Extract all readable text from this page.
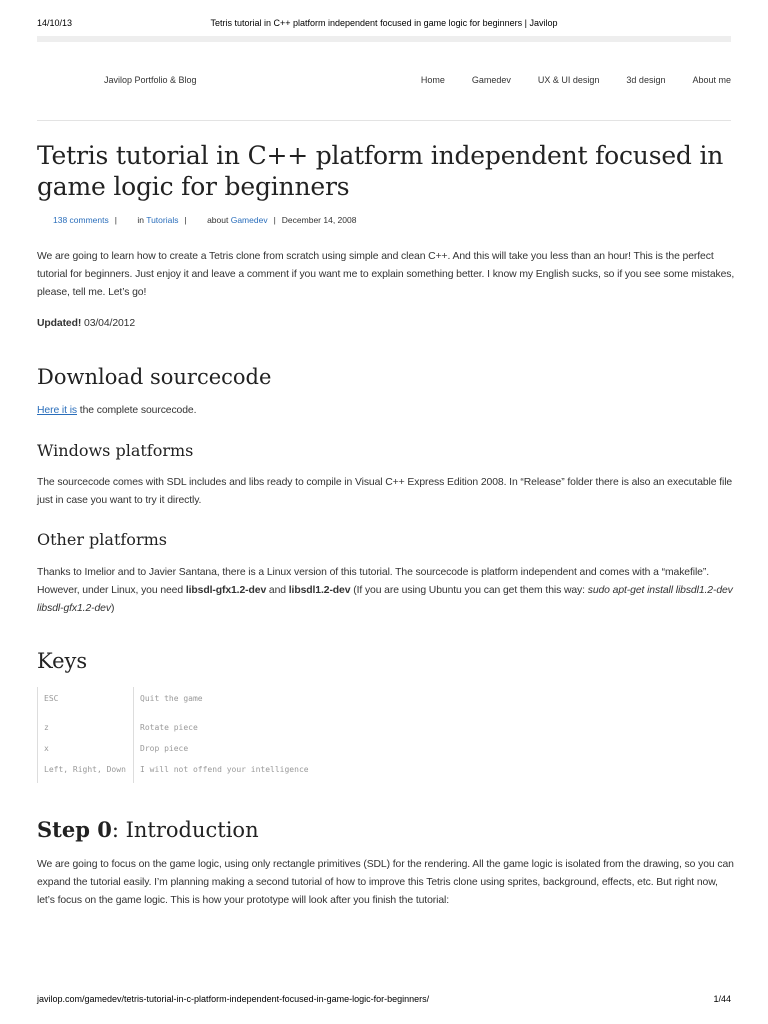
14/10/13	Tetris tutorial in C++ platform independent focused in game logic for beginners | Javilop
Javilop Portfolio & Blog	Home	Gamedev	UX & UI design	3d design	About me
Tetris tutorial in C++ platform independent focused in game logic for beginners
138 comments | in Tutorials | about Gamedev | December 14, 2008

We are going to learn how to create a Tetris clone from scratch using simple and clean C++. And this will take you less than an hour! This is the perfect tutorial for beginners. Just enjoy it and leave a comment if you want me to explain something better. I know my English sucks, so if you see some mistakes, please, tell me. Let’s go!

Updated! 03/04/2012

Download sourcecode

Here it is the complete sourcecode.

Windows platforms

The sourcecode comes with SDL includes and libs ready to compile in Visual C++ Express Edition 2008. In “Release” folder there is also an executable file just in case you want to try it directly.

Other platforms

Thanks to Imelior and to Javier Santana, there is a Linux version of this tutorial. The sourcecode is platform independent and comes with a “makefile”. However, under Linux, you need libsdl-gfx1.2-dev and libsdl1.2-dev (If you are using Ubuntu you can get them this way: sudo apt-get install libsdl1.2-dev libsdl-gfx1.2-dev)

Keys
ESC	Quit the game
z	Rotate piece
x	Drop piece
Left, Right, Down	I will not offend your intelligence
Step 0: Introduction

We are going to focus on the game logic, using only rectangle primitives (SDL) for the rendering. All the game logic is isolated from the drawing, so you can expand the tutorial easily. I’m planning making a second tutorial of how to improve this Tetris clone using sprites, background, effects, etc. But right now, let’s focus on the game logic. This is how your prototype will look after you finish the tutorial:

javilop.com/gamedev/tetris-tutorial-in-c-platform-independent-focused-in-game-logic-for-beginners/	1/44
